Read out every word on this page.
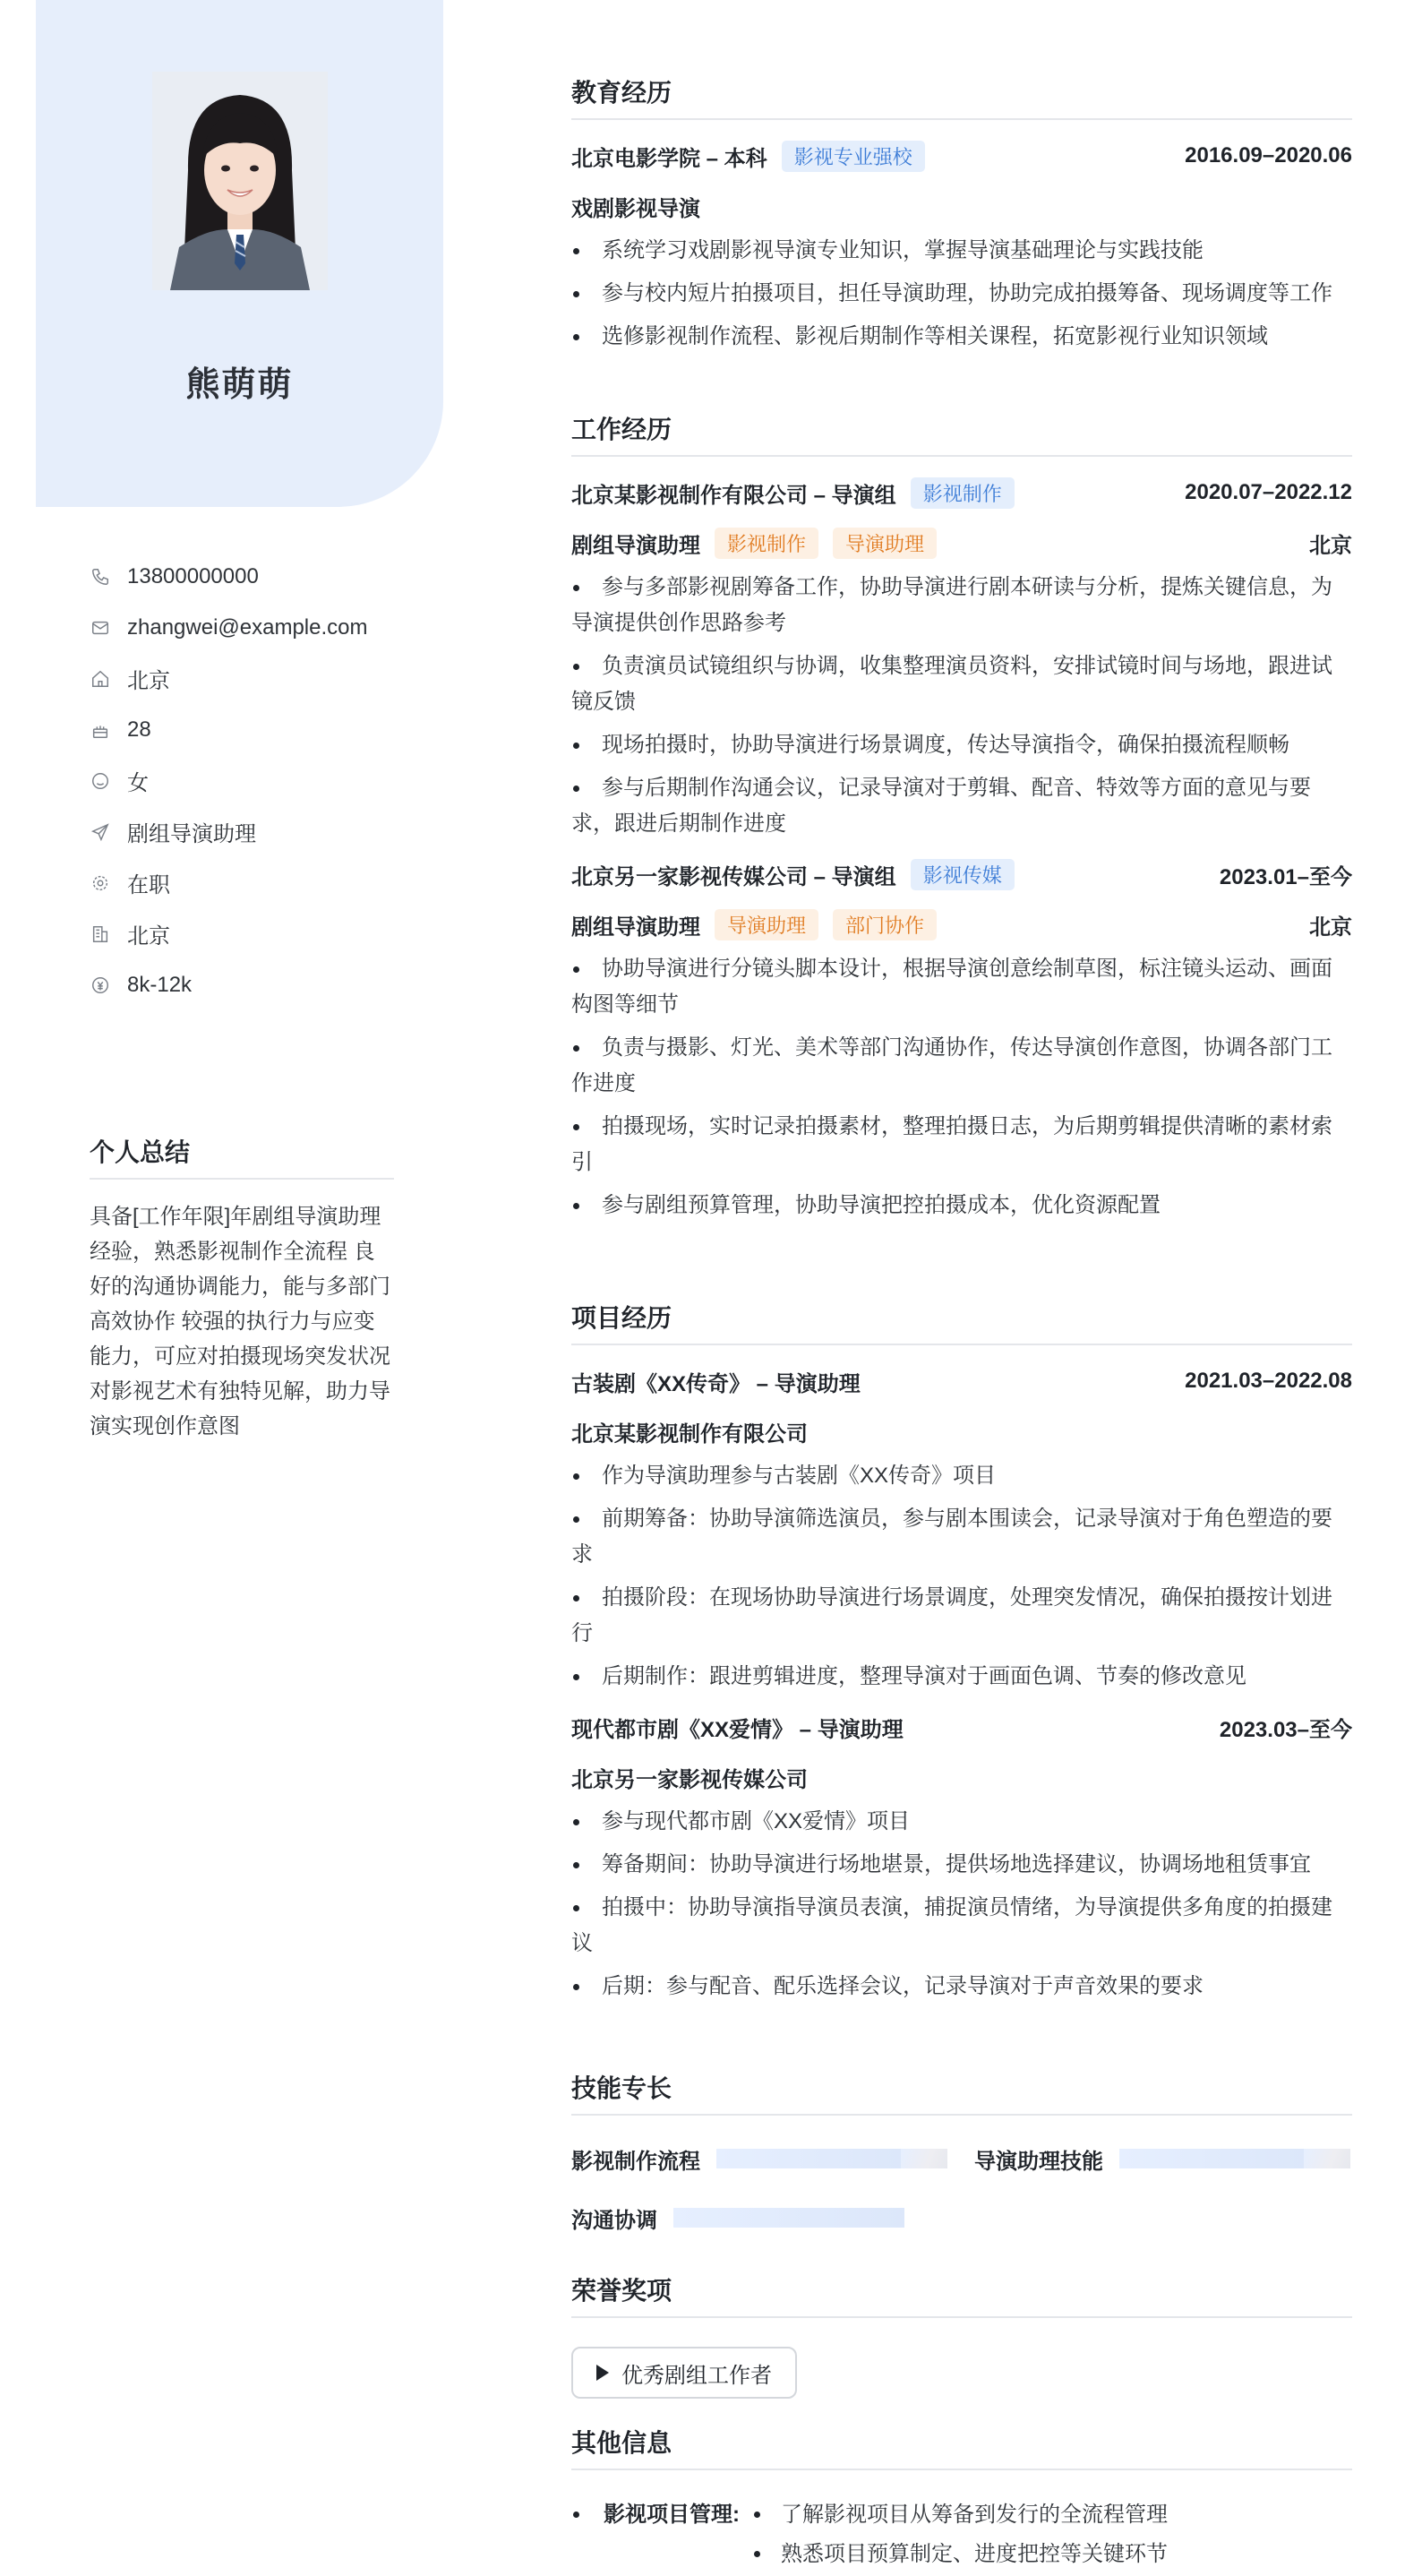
熊萌萌
13800000000
zhangwei@example.com
北京
28
女
剧组导演助理
在职
北京
8k-12k
个人总结

具备[工作年限]年剧组导演助理经验，熟悉影视制作全流程 良好的沟通协调能力，能与多部门高效协作 较强的执行力与应变能力，可应对拍摄现场突发状况 对影视艺术有独特见解，助力导演实现创作意图

教育经历
北京电影学院 – 本科	影视专业强校	2016.09–2020.06
戏剧影视导演
系统学习戏剧影视导演专业知识，掌握导演基础理论与实践技能
参与校内短片拍摄项目，担任导演助理，协助完成拍摄筹备、现场调度等工作
选修影视制作流程、影视后期制作等相关课程，拓宽影视行业知识领域
工作经历
北京某影视制作有限公司 – 导演组	影视制作	2020.07–2022.12
剧组导演助理	影视制作	导演助理	北京
参与多部影视剧筹备工作，协助导演进行剧本研读与分析，提炼关键信息，为导演提供创作思路参考
负责演员试镜组织与协调，收集整理演员资料，安排试镜时间与场地，跟进试镜反馈
现场拍摄时，协助导演进行场景调度，传达导演指令，确保拍摄流程顺畅
参与后期制作沟通会议，记录导演对于剪辑、配音、特效等方面的意见与要求，跟进后期制作进度
北京另一家影视传媒公司 – 导演组	影视传媒	2023.01–至今
剧组导演助理	导演助理	部门协作	北京
协助导演进行分镜头脚本设计，根据导演创意绘制草图，标注镜头运动、画面构图等细节
负责与摄影、灯光、美术等部门沟通协作，传达导演创作意图，协调各部门工作进度
拍摄现场，实时记录拍摄素材，整理拍摄日志，为后期剪辑提供清晰的素材索引
参与剧组预算管理，协助导演把控拍摄成本，优化资源配置
项目经历
古装剧《XX传奇》 – 导演助理	2021.03–2022.08
北京某影视制作有限公司
作为导演助理参与古装剧《XX传奇》项目
前期筹备：协助导演筛选演员，参与剧本围读会，记录导演对于角色塑造的要求
拍摄阶段：在现场协助导演进行场景调度，处理突发情况，确保拍摄按计划进行
后期制作：跟进剪辑进度，整理导演对于画面色调、节奏的修改意见
现代都市剧《XX爱情》 – 导演助理	2023.03–至今
北京另一家影视传媒公司
参与现代都市剧《XX爱情》项目
筹备期间：协助导演进行场地堪景，提供场地选择建议，协调场地租赁事宜
拍摄中：协助导演指导演员表演，捕捉演员情绪，为导演提供多角度的拍摄建议
后期：参与配音、配乐选择会议，记录导演对于声音效果的要求
技能专长
影视制作流程	导演助理技能
沟通协调
荣誉奖项
优秀剧组工作者
其他信息
影视项目管理:	了解影视项目从筹备到发行的全流程管理
熟悉项目预算制定、进度把控等关键环节
